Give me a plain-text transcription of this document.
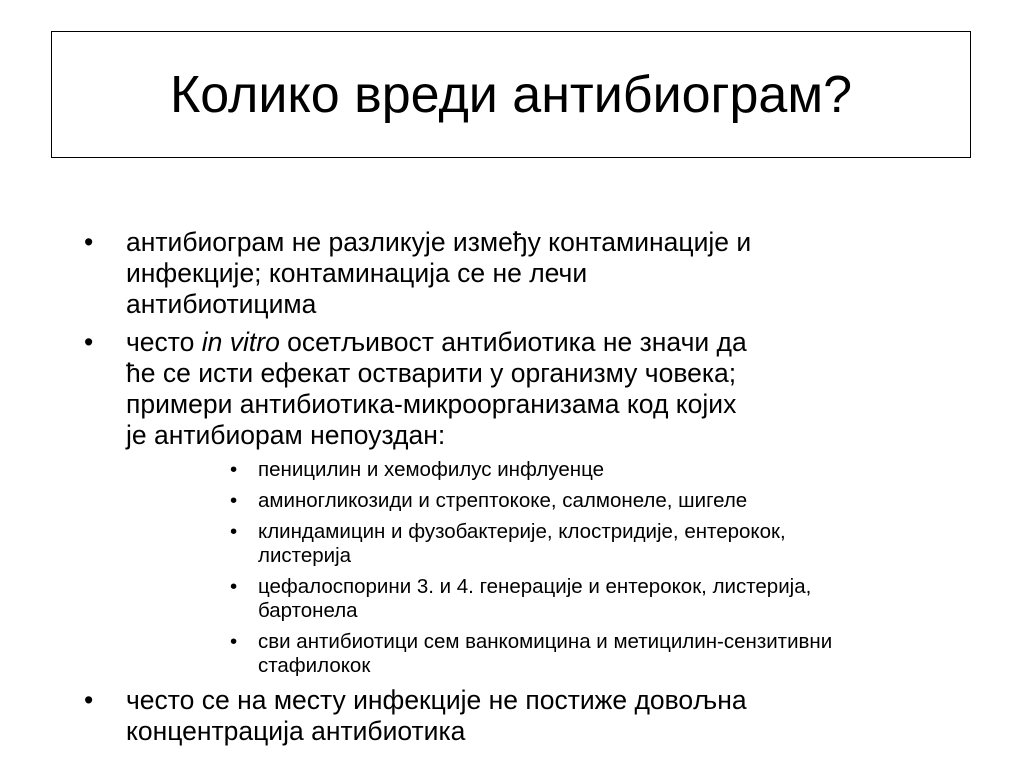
Колико вреди антибиограм?
• антибиограм не разликује између контаминације и
инфекције; контаминација се не лечи
антибиотицима
• често in vitro осетљивост антибиотика не значи да
ће се исти ефекат остварити у организму човека;
примери антибиотика-микроорганизама код којих
је антибиорам непоуздан:
• пеницилин и хемофилус инфлуенце
• аминогликозиди и стрептококе, салмонеле, шигеле
• клиндамицин и фузобактерије, клостридије, ентерокок,
листерија
• цефалоспорини 3. и 4. генерације и ентерокок, листерија,
бартонела
• сви антибиотици сем ванкомицина и метицилин-сензитивни
стафилокок
• често се на месту инфекције не постиже довољна
концентрација антибиотика
